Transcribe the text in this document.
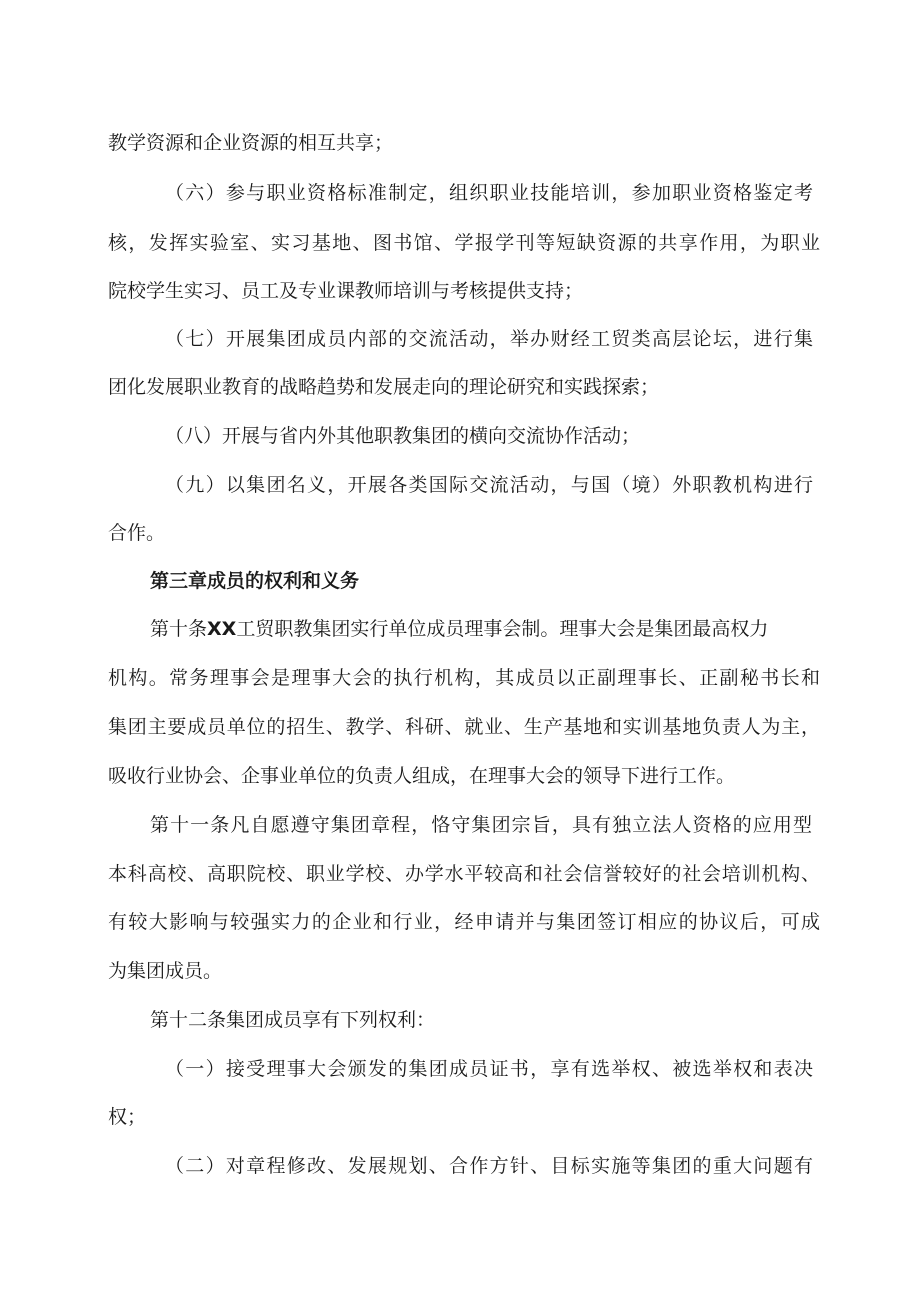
教学资源和企业资源的相互共享；
（六）参与职业资格标准制定，组织职业技能培训，参加职业资格鉴定考
核，发挥实验室、实习基地、图书馆、学报学刊等短缺资源的共享作用，为职业
院校学生实习、员工及专业课教师培训与考核提供支持；
（七）开展集团成员内部的交流活动，举办财经工贸类高层论坛，进行集
团化发展职业教育的战略趋势和发展走向的理论研究和实践探索；
（八）开展与省内外其他职教集团的横向交流协作活动；
（九）以集团名义，开展各类国际交流活动，与国（境）外职教机构进行
合作。
第三章成员的权利和义务
第十条XX工贸职教集团实行单位成员理事会制。理事大会是集团最高权力
机构。常务理事会是理事大会的执行机构，其成员以正副理事长、正副秘书长和
集团主要成员单位的招生、教学、科研、就业、生产基地和实训基地负责人为主，
吸收行业协会、企事业单位的负责人组成，在理事大会的领导下进行工作。
第十一条凡自愿遵守集团章程，恪守集团宗旨，具有独立法人资格的应用型
本科高校、高职院校、职业学校、办学水平较高和社会信誉较好的社会培训机构、
有较大影响与较强实力的企业和行业，经申请并与集团签订相应的协议后，可成
为集团成员。
第十二条集团成员享有下列权利：
（一）接受理事大会颁发的集团成员证书，享有选举权、被选举权和表决
权；
（二）对章程修改、发展规划、合作方针、目标实施等集团的重大问题有
